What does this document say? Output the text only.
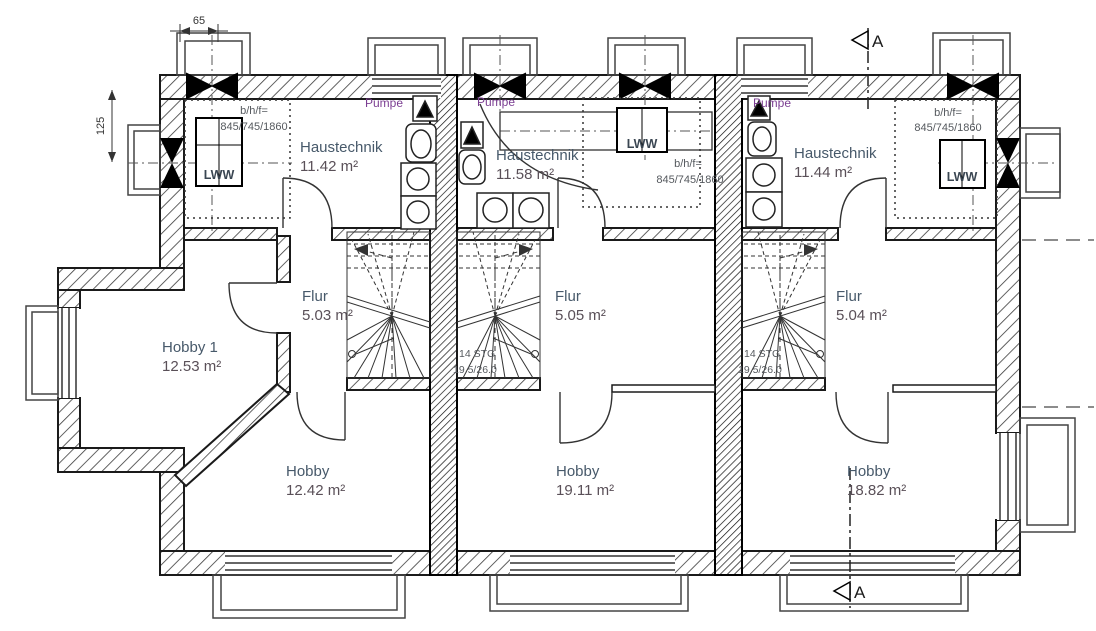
65
125
A
A
Haustechnik
11.42 m²
Flur
5.03 m²
Hobby 1
12.53 m²
Hobby
12.42 m²
Pumpe
LWW
b/h/f=
845/745/1860
Haustechnik
11.58 m²
Flur
5.05 m²
Hobby
19.11 m²
Pumpe
LWW
b/h/f=
845/745/1860
14 STG
19.5/26.0
Haustechnik
11.44 m²
Flur
5.04 m²
Hobby
18.82 m²
Pumpe
LWW
b/h/f=
845/745/1860
14 STG
19.5/26.0
